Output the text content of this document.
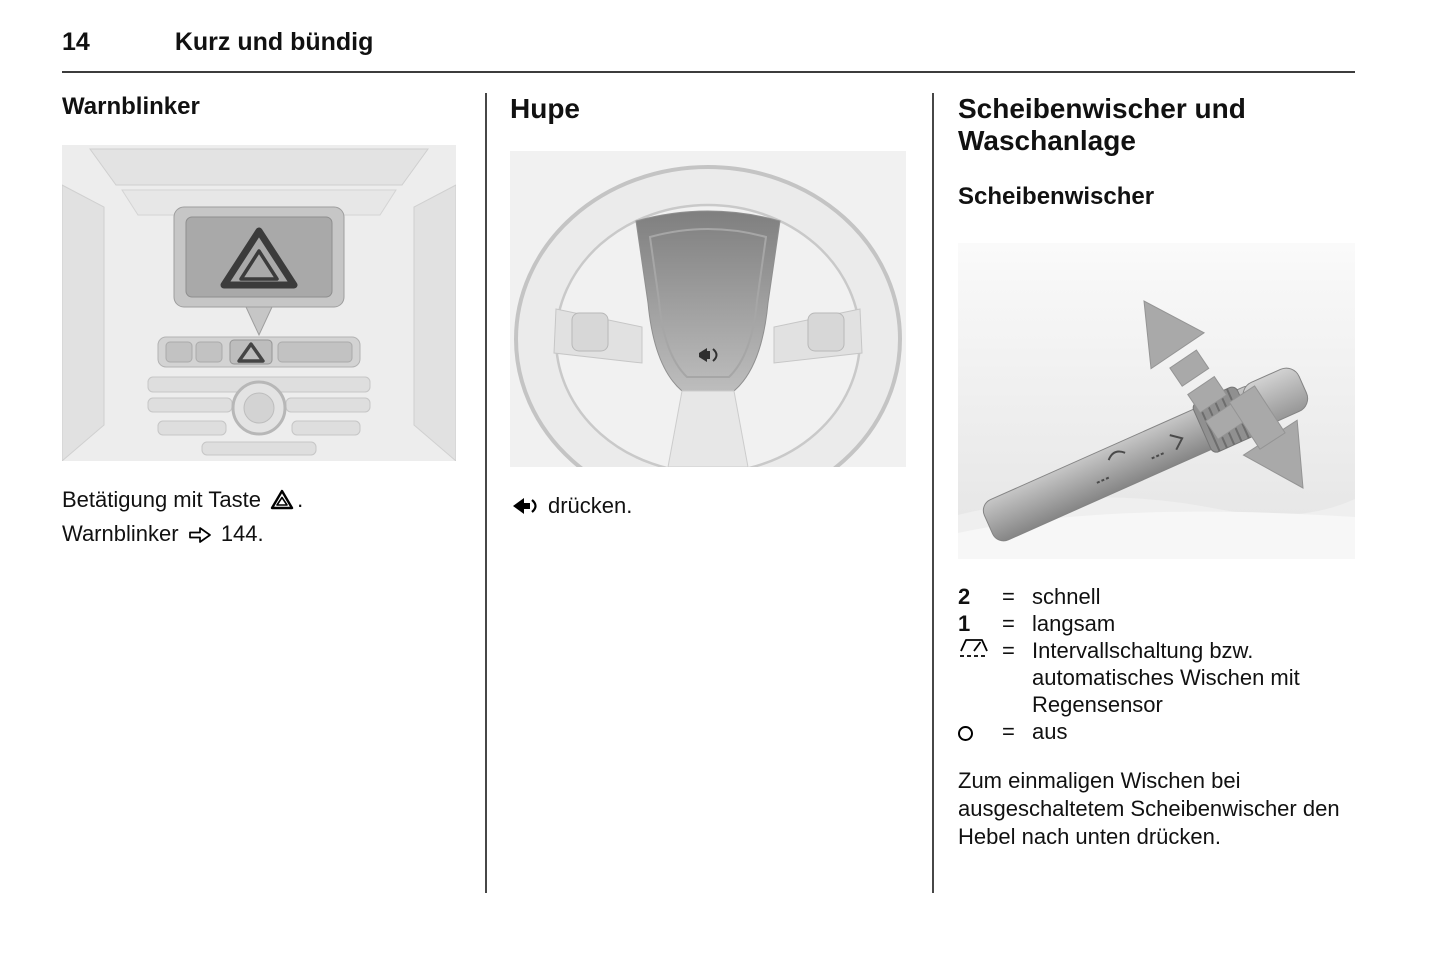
14	Kurz und bündig
Warnblinker
Betätigung mit Taste .
Warnblinker 144.
Hupe
drücken.
Scheibenwischer und Waschanlage
Scheibenwischer
2	= schnell
1	= langsam
= Intervallschaltung bzw. automatisches Wischen mit Regensensor
= aus
Zum einmaligen Wischen bei ausgeschaltetem Scheibenwischer den Hebel nach unten drücken.
